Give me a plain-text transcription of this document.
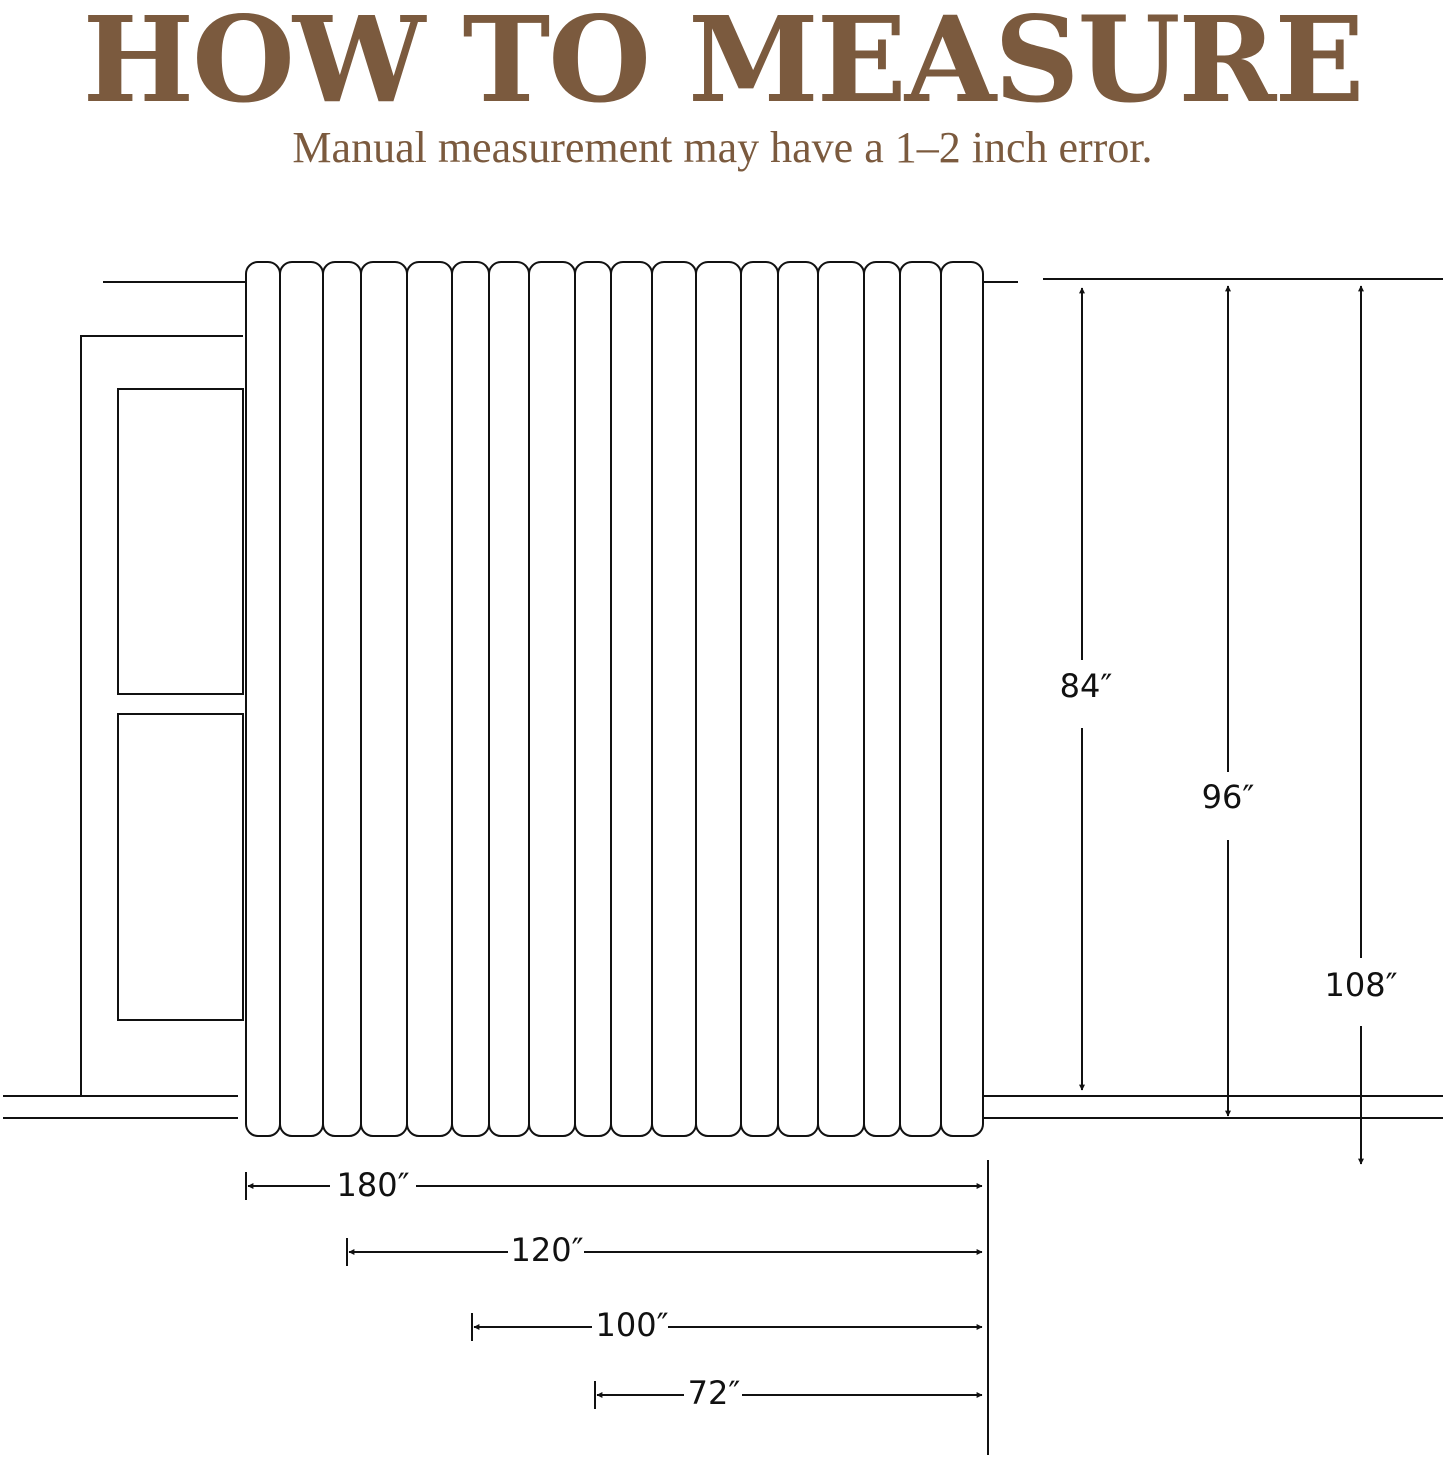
HOW TO MEASURE

Manual measurement may have a 1–2 inch error.

84″
96″
108″
180″
120″
100″
72″
